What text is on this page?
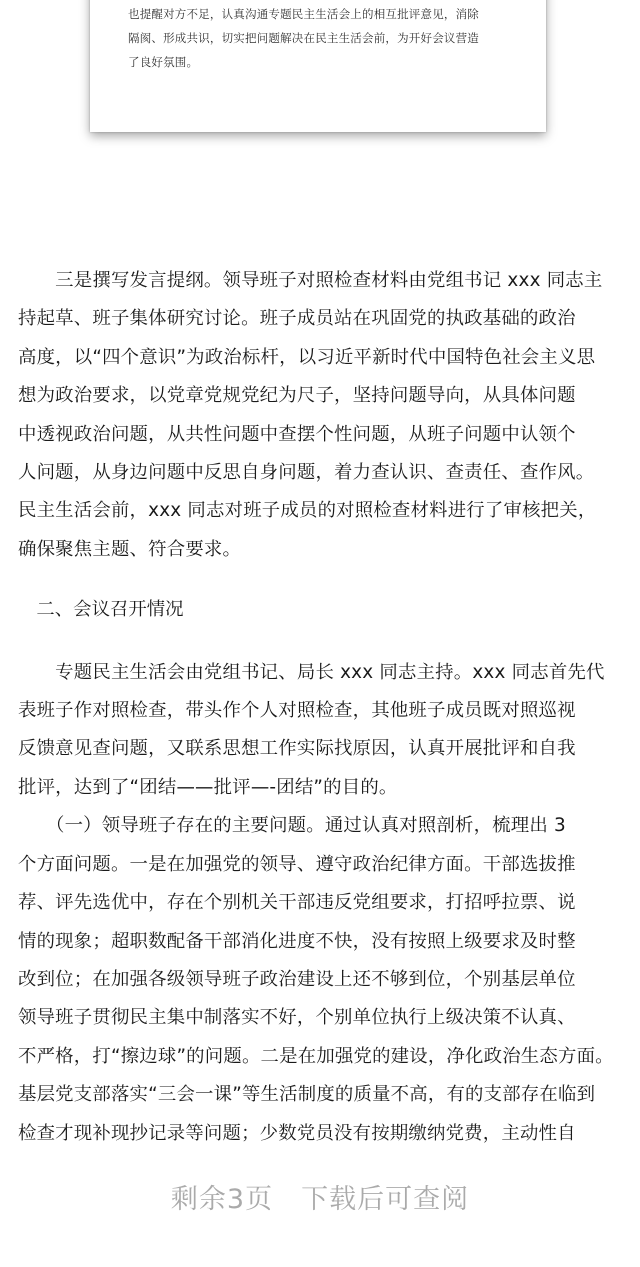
也提醒对方不足，认真沟通专题民主生活会上的相互批评意见，消除
隔阂、形成共识，切实把问题解决在民主生活会前，为开好会议营造
了良好氛围。
　　三是撰写发言提纲。领导班子对照检查材料由党组书记 xxx 同志主
持起草、班子集体研究讨论。班子成员站在巩固党的执政基础的政治
高度，以“四个意识”为政治标杆，以习近平新时代中国特色社会主义思
想为政治要求，以党章党规党纪为尺子，坚持问题导向，从具体问题
中透视政治问题，从共性问题中查摆个性问题，从班子问题中认领个
人问题，从身边问题中反思自身问题，着力查认识、查责任、查作风。
民主生活会前，xxx 同志对班子成员的对照检查材料进行了审核把关，
确保聚焦主题、符合要求。
　二、会议召开情况
　　专题民主生活会由党组书记、局长 xxx 同志主持。xxx 同志首先代
表班子作对照检查，带头作个人对照检查，其他班子成员既对照巡视
反馈意见查问题，又联系思想工作实际找原因，认真开展批评和自我
批评，达到了“团结——批评—-团结”的目的。
　　（一）领导班子存在的主要问题。通过认真对照剖析，梳理出 3
个方面问题。一是在加强党的领导、遵守政治纪律方面。干部选拔推
荐、评先选优中，存在个别机关干部违反党组要求，打招呼拉票、说
情的现象；超职数配备干部消化进度不快，没有按照上级要求及时整
改到位；在加强各级领导班子政治建设上还不够到位，个别基层单位
领导班子贯彻民主集中制落实不好，个别单位执行上级决策不认真、
不严格，打“擦边球”的问题。二是在加强党的建设，净化政治生态方面。
基层党支部落实“三会一课”等生活制度的质量不高，有的支部存在临到
检查才现补现抄记录等问题；少数党员没有按期缴纳党费，主动性自
剩余3页 下载后可查阅
